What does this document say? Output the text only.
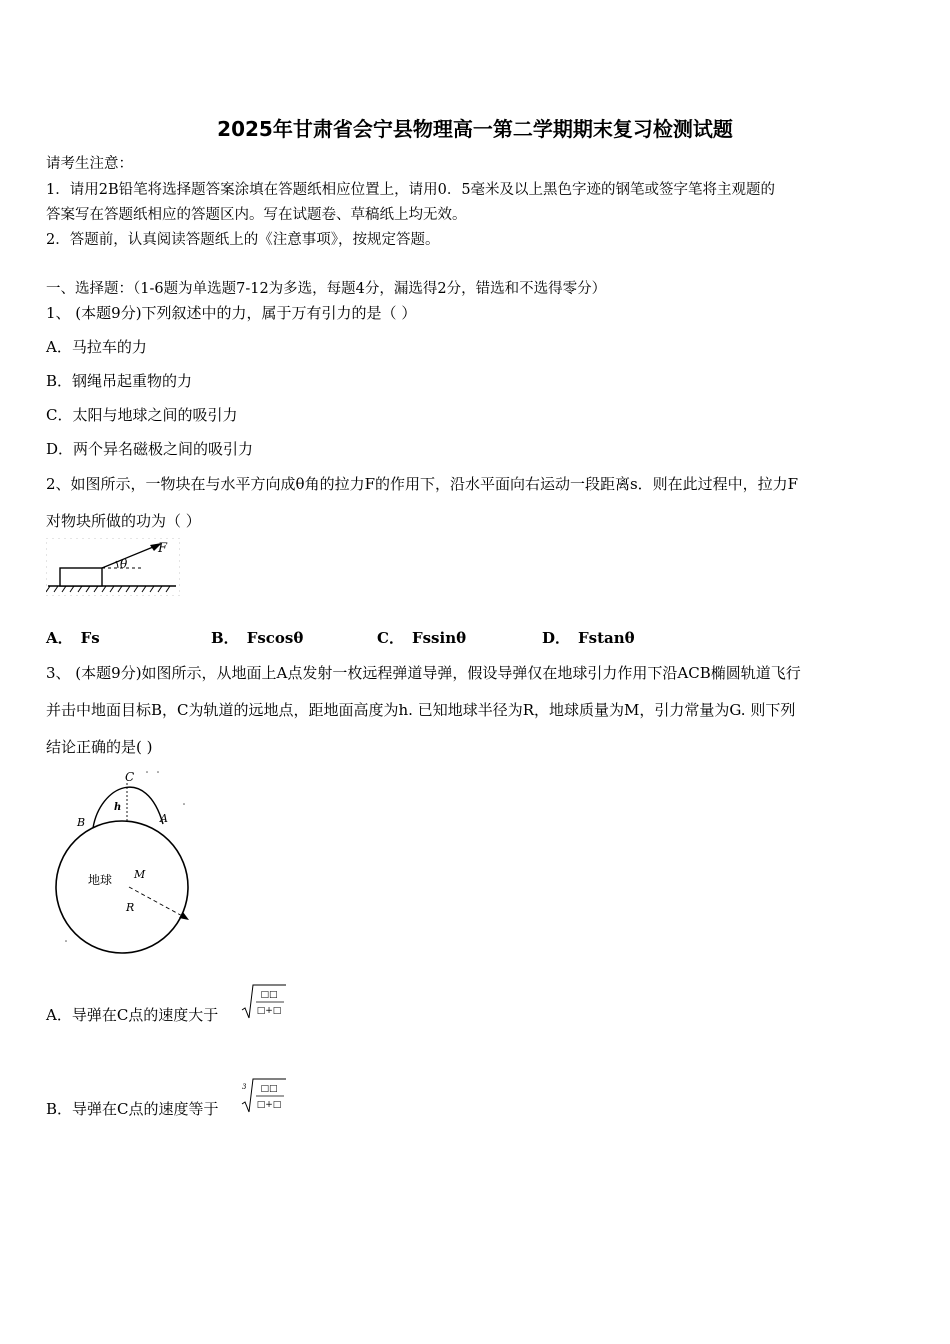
2025年甘肃省会宁县物理高一第二学期期末复习检测试题
请考生注意：
1．请用2B铅笔将选择题答案涂填在答题纸相应位置上，请用0．5毫米及以上黑色字迹的钢笔或签字笔将主观题的
答案写在答题纸相应的答题区内。写在试题卷、草稿纸上均无效。
2．答题前，认真阅读答题纸上的《注意事项》，按规定答题。
一、选择题：（1-6题为单选题7-12为多选，每题4分，漏选得2分，错选和不选得零分）
1、 (本题9分)下列叙述中的力，属于万有引力的是（ ）
A．马拉车的力
B．钢绳吊起重物的力
C．太阳与地球之间的吸引力
D．两个异名磁极之间的吸引力
2、如图所示，一物块在与水平方向成θ角的拉力F的作用下，沿水平面向右运动一段距离s．则在此过程中，拉力F
对物块所做的功为（ ）
θ
F
A． Fs	B． Fscosθ	C． Fssinθ	D． Fstanθ
3、 (本题9分)如图所示，从地面上A点发射一枚远程弹道导弹，假设导弹仅在地球引力作用下沿ACB椭圆轨道飞行
并击中地面目标B，C为轨道的远地点，距地面高度为h. 已知地球半径为R，地球质量为M，引力常量为G. 则下列
结论正确的是( )
C
h
B	A
地球 M
R
A．导弹在C点的速度大于
□□
□+□
B．导弹在C点的速度等于
3 □□
□+□
